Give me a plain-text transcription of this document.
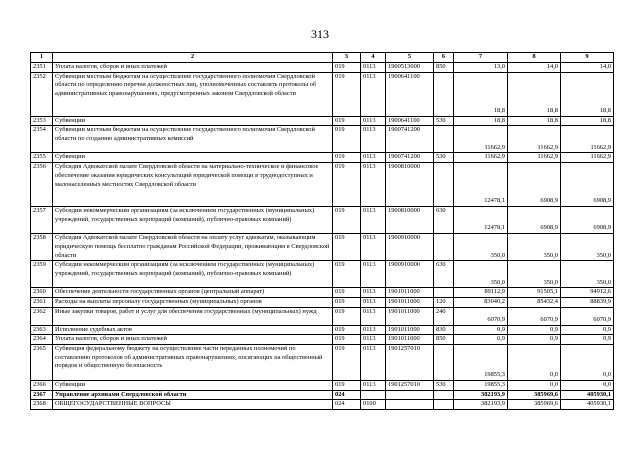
313
1	2	3	4	5	6	7	8	9
2351	Уплата налогов, сборов и иных платежей	019	0113	1900513000	850	13,0	14,0	14,0
2352	Субвенции местным бюджетам на осуществление государственного полномочия Свердловской области по определению перечня должностных лиц, уполномоченных составлять протоколы об административных правонарушениях, предусмотренных законом Свердловской области	019	0113	1900641100		18,8	18,8	18,8
2353	Субвенции	019	0113	1900641100	530	18,8	18,8	18,8
2354	Субвенции местным бюджетам на осуществление государственного полномочия Свердловской области по созданию административных комиссий	019	0113	1900741200		11662,9	11662,9	11662,9
2355	Субвенции	019	0113	1900741200	530	11662,9	11662,9	11662,9
2356	Субсидия Адвокатской палате Свердловской области на материально-техническое и финансовое обеспечение оказания юридических консультаций юридической помощи в труднодоступных и малонаселенных местностях Свердловской области	019	0113	1900810000		12478,1	6908,9	6908,9
2357	Субсидии некоммерческим организациям (за исключением государственных (муниципальных) учреждений, государственных корпораций (компаний), публично-правовых компаний)	019	0113	1900810000	630	12478,1	6908,9	6908,9
2358	Субсидия Адвокатской палате Свердловской области на оплату услуг адвокатам, оказывающим юридическую помощь бесплатно гражданам Российской Федерации, проживающим в Свердловской области	019	0113	1900910000		350,0	350,0	350,0
2359	Субсидии некоммерческим организациям (за исключением государственных (муниципальных) учреждений, государственных корпораций (компаний), публично-правовых компаний)	019	0113	1900910000	630	350,0	350,0	350,0
2360	Обеспечение деятельности государственных органов (центральный аппарат)	019	0113	1901011000		89112,9	91505,1	94912,6
2361	Расходы на выплаты персоналу государственных (муниципальных) органов	019	0113	1901011000	120	83040,2	85432,4	88839,9
2362	Иные закупки товаров, работ и услуг для обеспечения государственных (муниципальных) нужд	019	0113	1901011000	240	6070,9	6070,9	6070,9
2363	Исполнение судебных актов	019	0113	1901011000	830	0,9	0,9	0,9
2364	Уплата налогов, сборов и иных платежей	019	0113	1901011000	850	0,9	0,9	0,9
2365	Субвенция федеральному бюджету на осуществление части переданных полномочий по составлению протоколов об административных правонарушениях, посягающих на общественный порядок и общественную безопасность	019	0113	1901257010		19855,3	0,0	0,0
2366	Субвенции	019	0113	1901257010	530	19855,3	0,0	0,0
2367	Управление архивами Свердловской области	024				382193,9	385969,6	405930,1
2368	ОБЩЕГОСУДАРСТВЕННЫЕ ВОПРОСЫ	024	0100			382193,9	385969,6	405930,1
